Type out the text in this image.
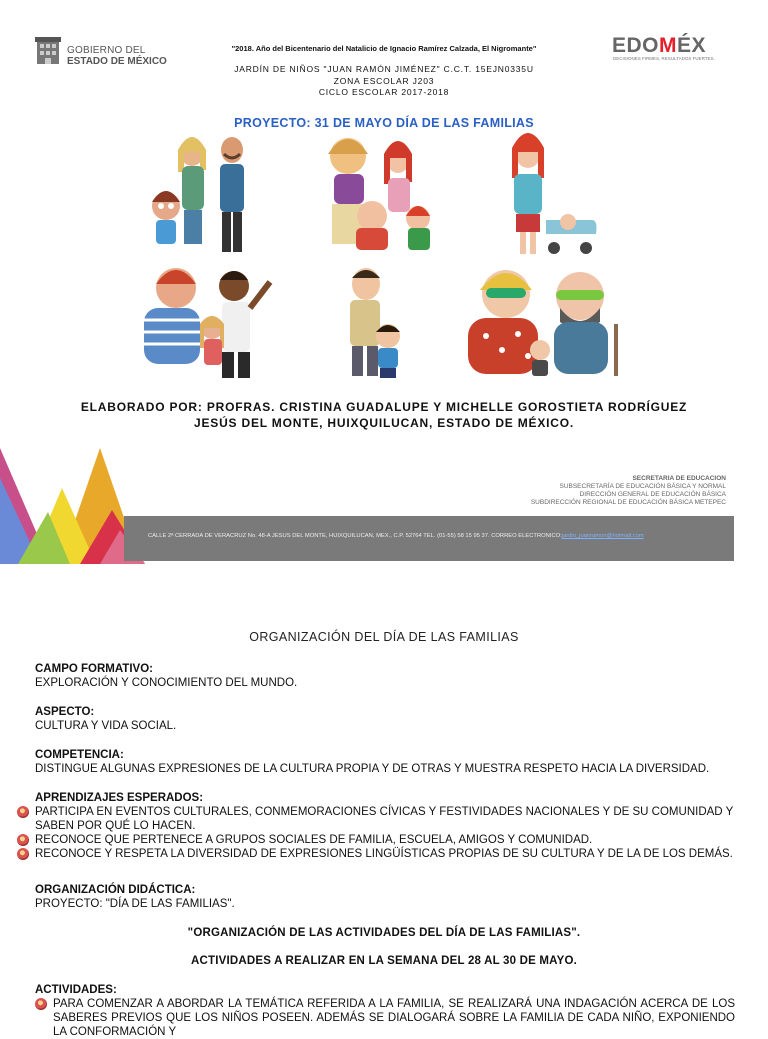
GOBIERNO DEL
ESTADO DE MÉXICO
EDOMÉX
DECISIONES FIRMES, RESULTADOS FUERTES.
"2018. Año del Bicentenario del Natalicio de Ignacio Ramírez Calzada, El Nigromante"
JARDÍN DE NIÑOS "JUAN RAMÓN JIMÉNEZ" C.C.T. 15EJN0335U
ZONA ESCOLAR J203
CICLO ESCOLAR 2017-2018
PROYECTO: 31 DE MAYO DÍA DE LAS FAMILIAS
ELABORADO POR: PROFRAS. CRISTINA GUADALUPE Y MICHELLE GOROSTIETA RODRÍGUEZ
JESÚS DEL MONTE, HUIXQUILUCAN, ESTADO DE MÉXICO.
SECRETARIA DE EDUCACION
SUBSECRETARÍA DE EDUCACIÓN BÁSICA Y NORMAL
DIRECCIÓN GENERAL DE EDUCACIÓN BÁSICA
SUBDIRECCIÓN REGIONAL DE EDUCACIÓN BÁSICA METEPEC
CALLE 2ª CERRADA DE VERACRUZ No. 48-A JESUS DEL MONTE, HUIXQUILUCAN, MEX., C.P. 52764 TEL. (01-55) 58 15 95 37. CORREO ELECTRONICO:jardin_juanramon@hotmail.com
ORGANIZACIÓN DEL DÍA DE LAS FAMILIAS
CAMPO FORMATIVO:
EXPLORACIÓN Y CONOCIMIENTO DEL MUNDO.
ASPECTO:
CULTURA Y VIDA SOCIAL.
COMPETENCIA:
DISTINGUE ALGUNAS EXPRESIONES DE LA CULTURA PROPIA Y DE OTRAS Y MUESTRA RESPETO HACIA LA DIVERSIDAD.
APRENDIZAJES ESPERADOS:
PARTICIPA EN EVENTOS CULTURALES, CONMEMORACIONES CÍVICAS Y FESTIVIDADES NACIONALES Y DE SU COMUNIDAD Y SABEN POR QUÉ LO HACEN.
RECONOCE QUE PERTENECE A GRUPOS SOCIALES DE FAMILIA, ESCUELA, AMIGOS Y COMUNIDAD.
RECONOCE Y RESPETA LA DIVERSIDAD DE EXPRESIONES LINGÜÍSTICAS PROPIAS DE SU CULTURA Y DE LA DE LOS DEMÁS.
ORGANIZACIÓN DIDÁCTICA:
PROYECTO: "DÍA DE LAS FAMILIAS".
"ORGANIZACIÓN DE LAS ACTIVIDADES DEL DÍA DE LAS FAMILIAS".
ACTIVIDADES A REALIZAR EN LA SEMANA DEL 28 AL 30 DE MAYO.
ACTIVIDADES:
PARA COMENZAR A ABORDAR LA TEMÁTICA REFERIDA A LA FAMILIA, SE REALIZARÁ UNA INDAGACIÓN ACERCA DE LOS SABERES PREVIOS QUE LOS NIÑOS POSEEN. ADEMÁS SE DIALOGARÁ SOBRE LA FAMILIA DE CADA NIÑO, EXPONIENDO LA CONFORMACIÓN Y
